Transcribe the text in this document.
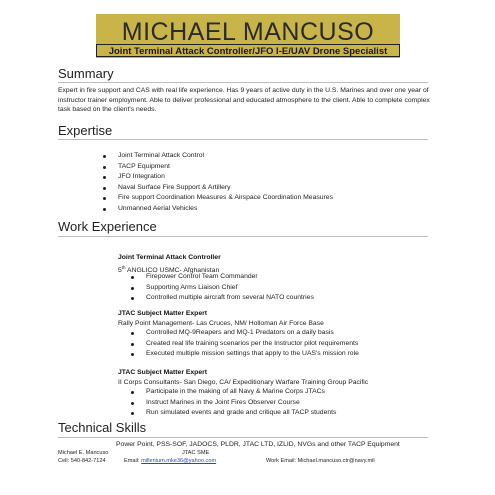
MICHAEL MANCUSO
Joint Terminal Attack Controller/JFO I-E/UAV Drone Specialist
Summary
Expert in fire support and CAS with real life experience. Has 9 years of active duty in the U.S. Marines and over one year of instructor trainer employment. Able to deliver professional and educated atmosphere to the client. Able to complete complex task based on the client's needs.
Expertise
Joint Terminal Attack Control
TACP Equipment
JFO Integration
Naval Surface Fire Support & Artillery
Fire support Coordination Measures & Airspace Coordination Measures
Unmanned Aerial Vehicles
Work Experience
Joint Terminal Attack Controller
5th ANGLICO USMC- Afghanistan
Firepower Control Team Commander
Supporting Arms Liaison Chief
Controlled multiple aircraft from several NATO countries
JTAC Subject Matter Expert
Rally Point Management- Las Cruces, NM/ Holloman Air Force Base
Controlled MQ-9Reapers and MQ-1 Predators on a daily basis
Created real life training scenarios per the Instructor pilot requirements
Executed multiple mission settings that apply to the UAS's mission role
JTAC Subject Matter Expert
II Corps Consultants- San Diego, CA/ Expeditionary Warfare Training Group Pacific
Participate in the making of all Navy & Marine Corps JTACs
Instruct Marines in the Joint Fires Observer Course
Run simulated events and grade and critique all TACP students
Technical Skills
Power Point, PSS-SOF, JADOCS, PLDR, JTAC LTD, IZLID, NVGs and other TACP Equipment
Michael E. Mancuso	JTAC SME
Cell: 540-842-7124	Email: millenium.mke36@yahoo.com	Work Email: Michael.mancuso.ctr@navy.mil
